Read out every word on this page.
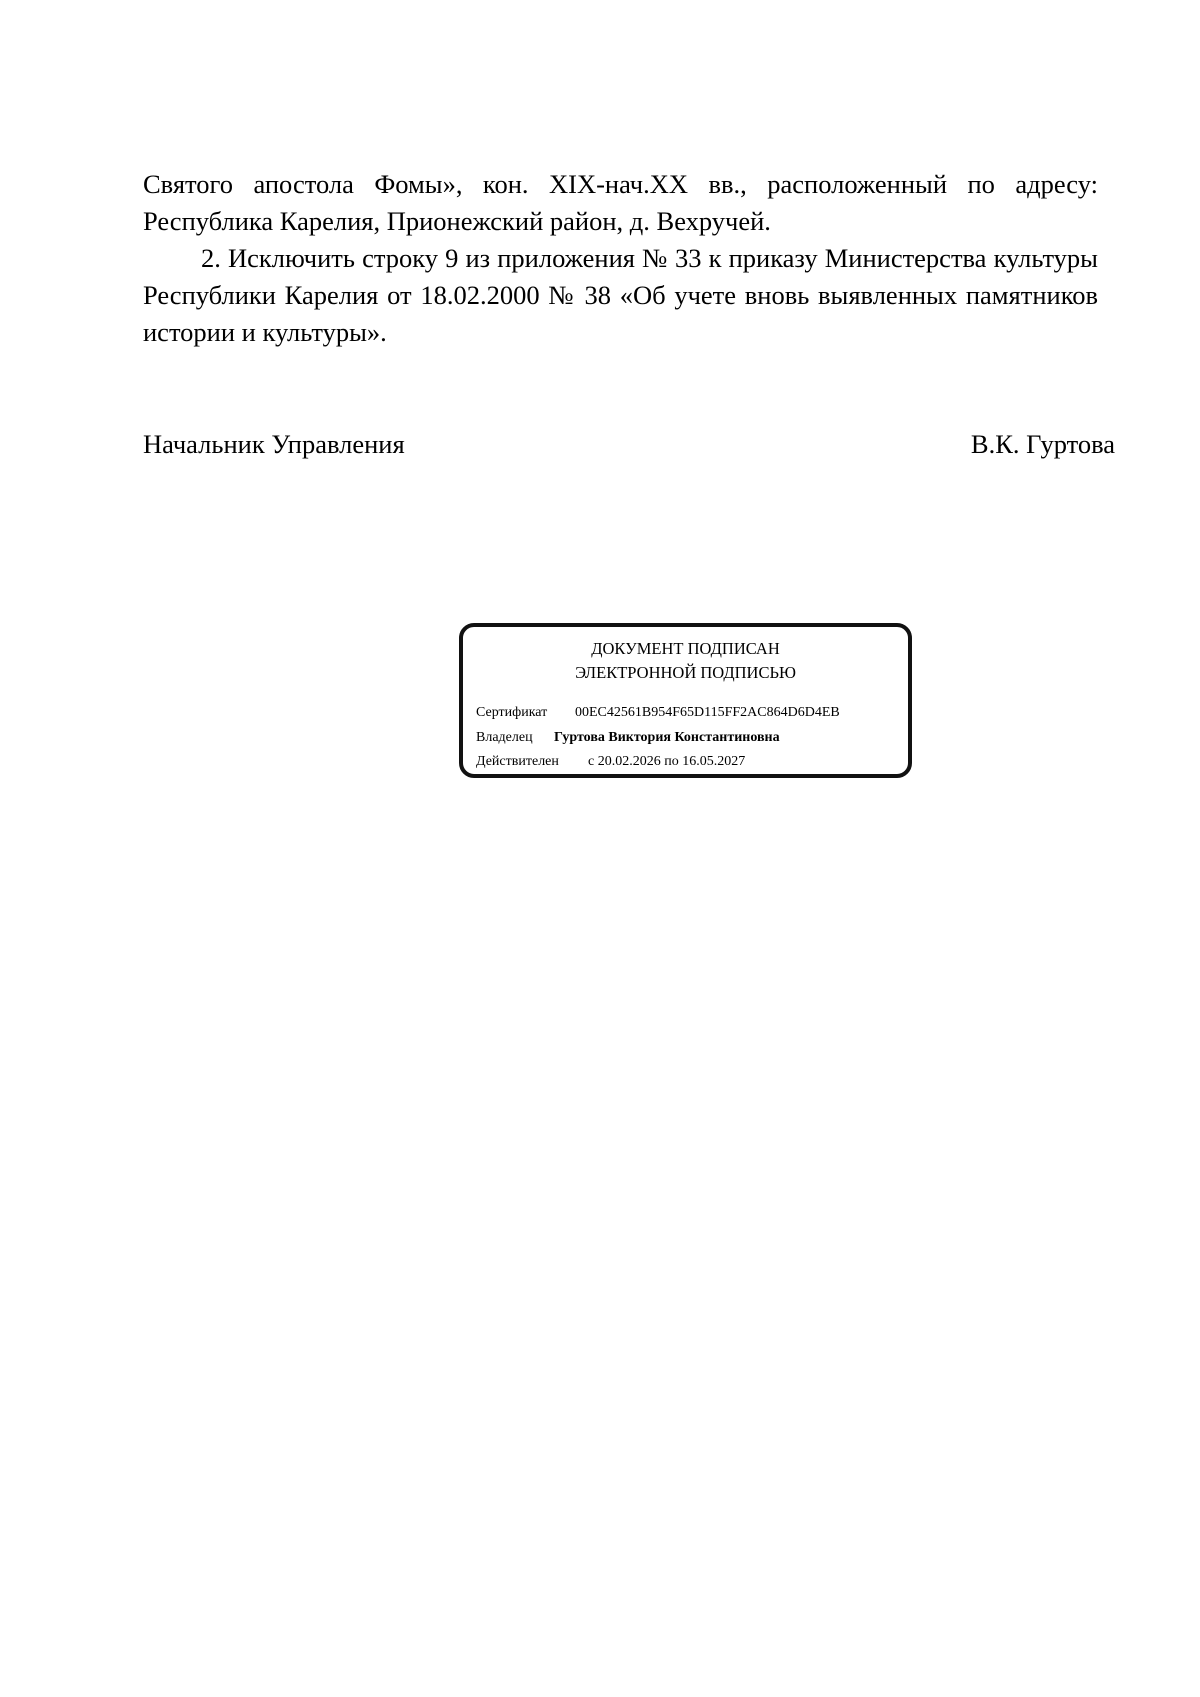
Святого апостола Фомы», кон. XIX-нач.XX вв., расположенный по адресу: Республика Карелия, Прионежский район, д. Вехручей.

2. Исключить строку 9 из приложения № 33 к приказу Министерства культуры Республики Карелия от 18.02.2000 № 38 «Об учете вновь выявленных памятников истории и культуры».

Начальник Управления	В.К. Гуртова
ДОКУМЕНТ ПОДПИСАН
ЭЛЕКТРОННОЙ ПОДПИСЬЮ
Сертификат 00EC42561B954F65D115FF2AC864D6D4EB
Владелец Гуртова Виктория Константиновна
Действителен с 20.02.2026 по 16.05.2027
